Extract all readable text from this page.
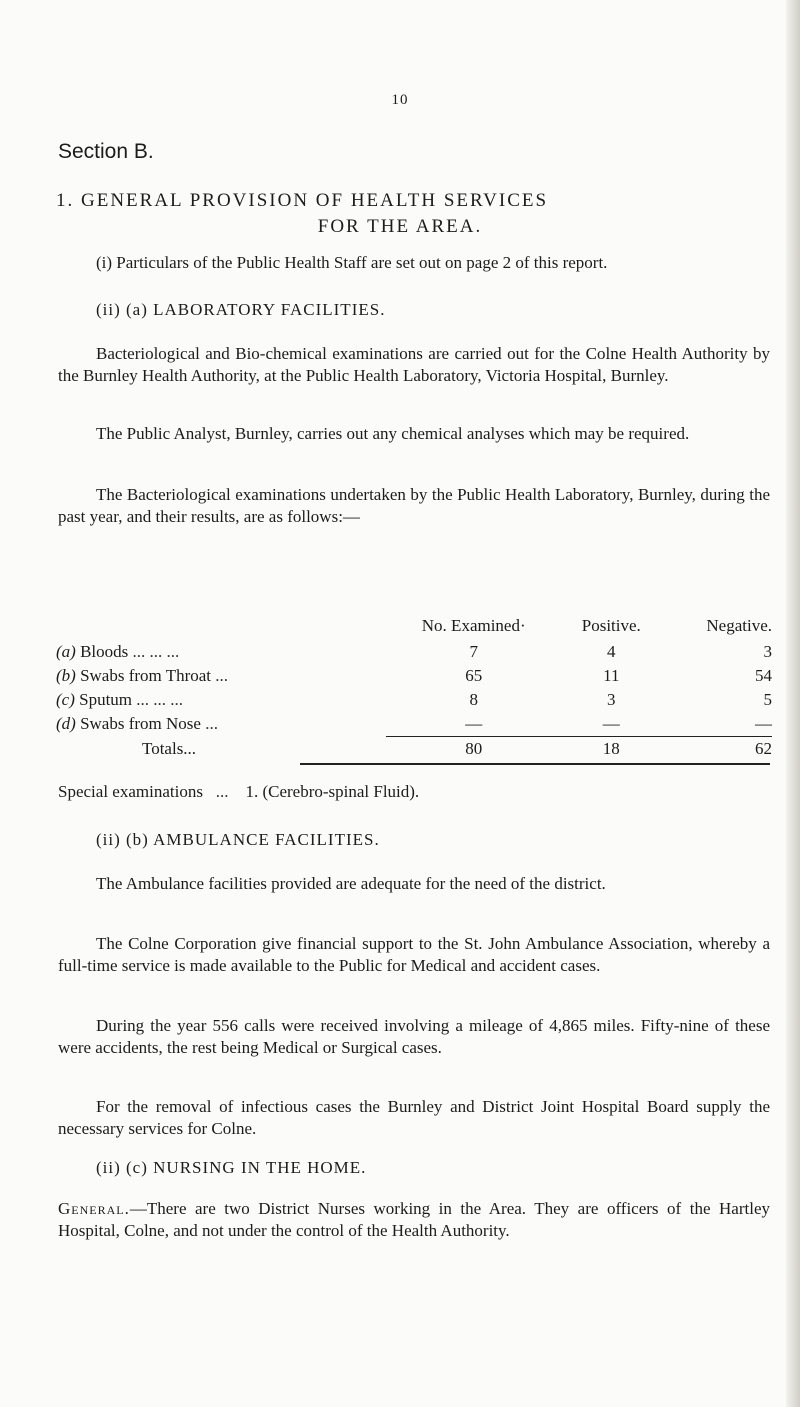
10
Section B.
1. GENERAL PROVISION OF HEALTH SERVICES
FOR THE AREA.
(i) Particulars of the Public Health Staff are set out on page 2 of this report.
(ii) (a) LABORATORY FACILITIES.
Bacteriological and Bio-chemical examinations are carried out for the Colne Health Authority by the Burnley Health Authority, at the Public Health Laboratory, Victoria Hospital, Burnley.
The Public Analyst, Burnley, carries out any chemical analyses which may be required.
The Bacteriological examinations undertaken by the Public Health Laboratory, Burnley, during the past year, and their results, are as follows:—
	No. Examined·	Positive.	Negative.
(a) Bloods ... ... ...	7	4	3
(b) Swabs from Throat ...	65	11	54
(c) Sputum ... ... ...	8	3	5
(d) Swabs from Nose ...	—	—	—
Totals...	80	18	62
Special examinations   ...    1. (Cerebro-spinal Fluid).
(ii) (b) AMBULANCE FACILITIES.
The Ambulance facilities provided are adequate for the need of the district.
The Colne Corporation give financial support to the St. John Ambulance Association, whereby a full-time service is made available to the Public for Medical and accident cases.
During the year 556 calls were received involving a mileage of 4,865 miles. Fifty-nine of these were accidents, the rest being Medical or Surgical cases.
For the removal of infectious cases the Burnley and District Joint Hospital Board supply the necessary services for Colne.
(ii) (c) NURSING IN THE HOME.
General.—There are two District Nurses working in the Area. They are officers of the Hartley Hospital, Colne, and not under the control of the Health Authority.
